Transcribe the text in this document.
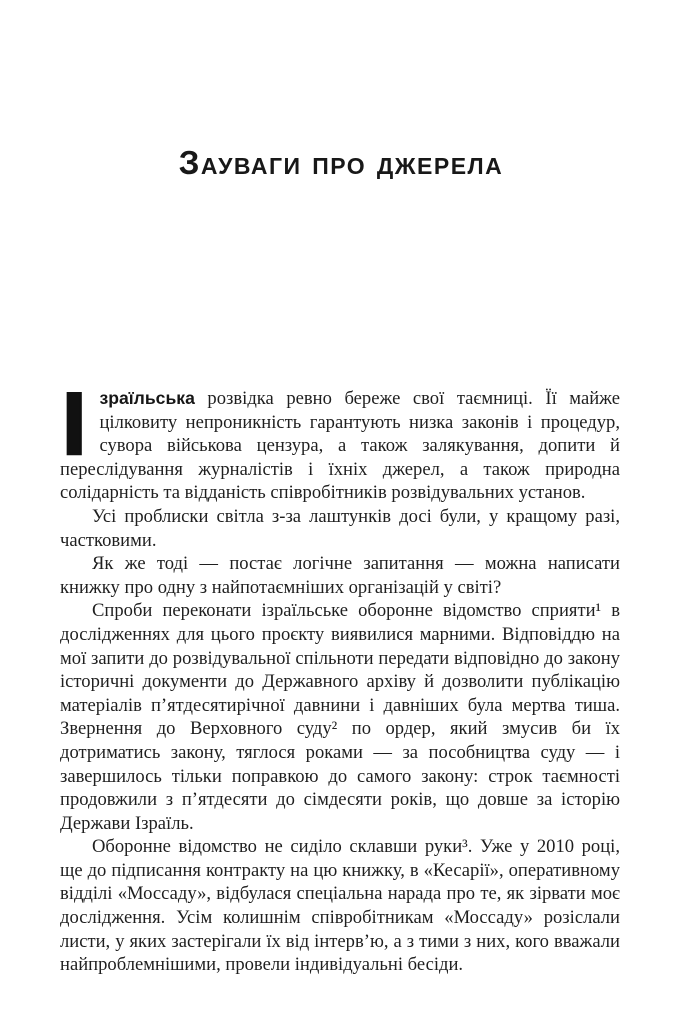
Зауваги про джерела

Ізраїльська розвідка ревно береже свої таємниці. Її майже цілковиту непроникність гарантують низка законів і процедур, сувора військова цензура, а також залякування, допити й переслідування журналістів і їхніх джерел, а також природна солідарність та відданість співробітників розвідувальних установ.

Усі проблиски світла з-за лаштунків досі були, у кращому разі, частковими.

Як же тоді — постає логічне запитання — можна написати книжку про одну з найпотаємніших організацій у світі?

Спроби переконати ізраїльське оборонне відомство сприяти¹ в дослідженнях для цього проєкту виявилися марними. Відповіддю на мої запити до розвідувальної спільноти передати відповідно до закону історичні документи до Державного архіву й дозволити публікацію матеріалів п’ятдесятирічної давнини і давніших була мертва тиша. Звернення до Верховного суду² по ордер, який змусив би їх дотриматись закону, тяглося роками — за пособництва суду — і завершилось тільки поправкою до самого закону: строк таємності продовжили з п’ятдесяти до сімдесяти років, що довше за історію Держави Ізраїль.

Оборонне відомство не сиділо склавши руки³. Уже у 2010 році, ще до підписання контракту на цю книжку, в «Кесарії», оперативному відділі «Моссаду», відбулася спеціальна нарада про те, як зірвати моє дослідження. Усім колишнім співробітникам «Моссаду» розіслали листи, у яких застерігали їх від інтерв’ю, а з тими з них, кого вважали найпроблемнішими, провели індивідуальні бесіди.
